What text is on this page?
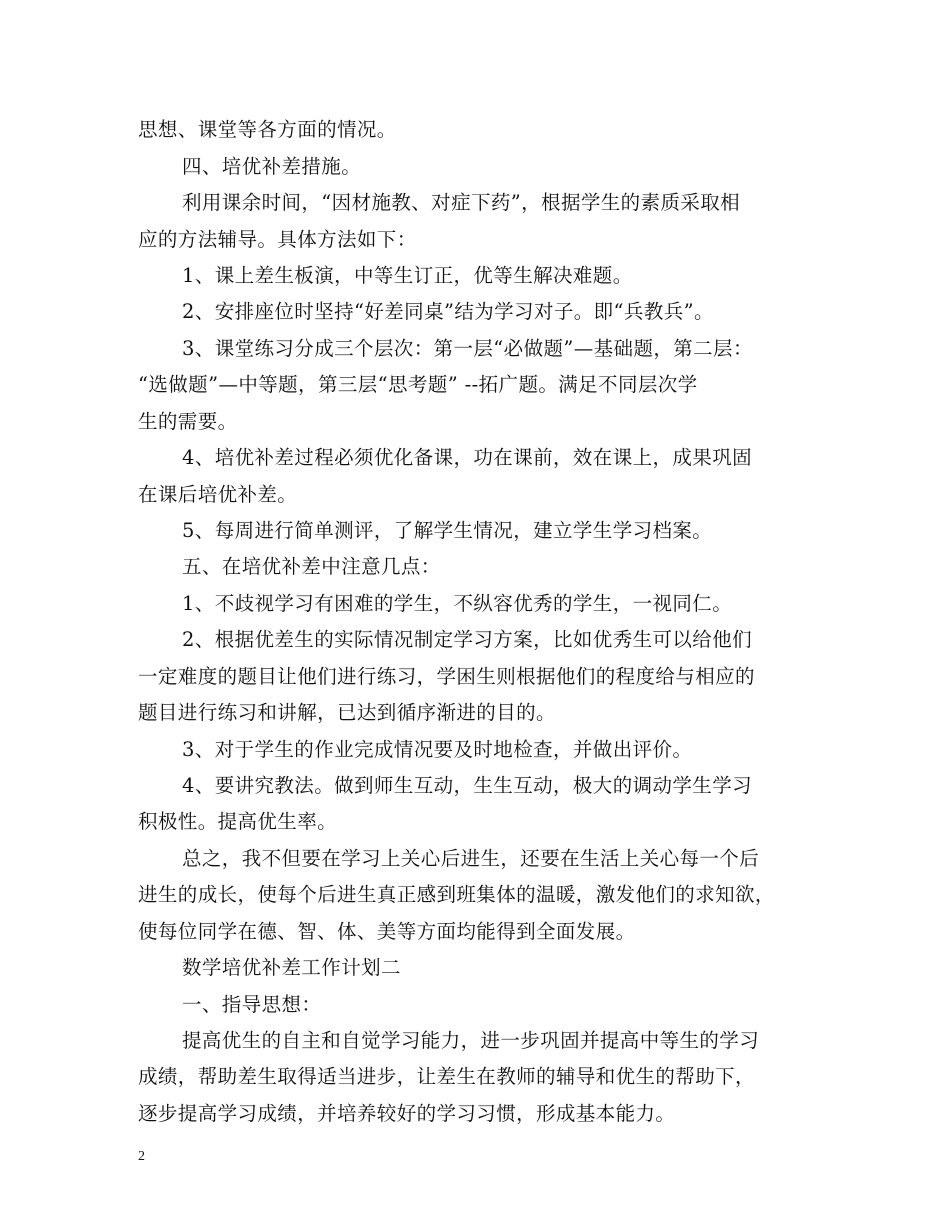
思想、课堂等各方面的情况。
四、培优补差措施。
利用课余时间，“因材施教、对症下药”，根据学生的素质采取相
应的方法辅导。具体方法如下：
1、课上差生板演，中等生订正，优等生解决难题。
2、安排座位时坚持“好差同桌”结为学习对子。即“兵教兵”。
3、课堂练习分成三个层次：第一层“必做题”—基础题，第二层：
“选做题”—中等题，第三层“思考题” --拓广题。满足不同层次学
生的需要。
4、培优补差过程必须优化备课，功在课前，效在课上，成果巩固
在课后培优补差。
5、每周进行简单测评，了解学生情况，建立学生学习档案。
五、在培优补差中注意几点：
1、不歧视学习有困难的学生，不纵容优秀的学生，一视同仁。
2、根据优差生的实际情况制定学习方案，比如优秀生可以给他们
一定难度的题目让他们进行练习，学困生则根据他们的程度给与相应的
题目进行练习和讲解，已达到循序渐进的目的。
3、对于学生的作业完成情况要及时地检查，并做出评价。
4、要讲究教法。做到师生互动，生生互动，极大的调动学生学习
积极性。提高优生率。
总之，我不但要在学习上关心后进生，还要在生活上关心每一个后
进生的成长，使每个后进生真正感到班集体的温暖，激发他们的求知欲，
使每位同学在德、智、体、美等方面均能得到全面发展。
数学培优补差工作计划二
一、指导思想：
提高优生的自主和自觉学习能力，进一步巩固并提高中等生的学习
成绩，帮助差生取得适当进步，让差生在教师的辅导和优生的帮助下，
逐步提高学习成绩，并培养较好的学习习惯，形成基本能力。
2
